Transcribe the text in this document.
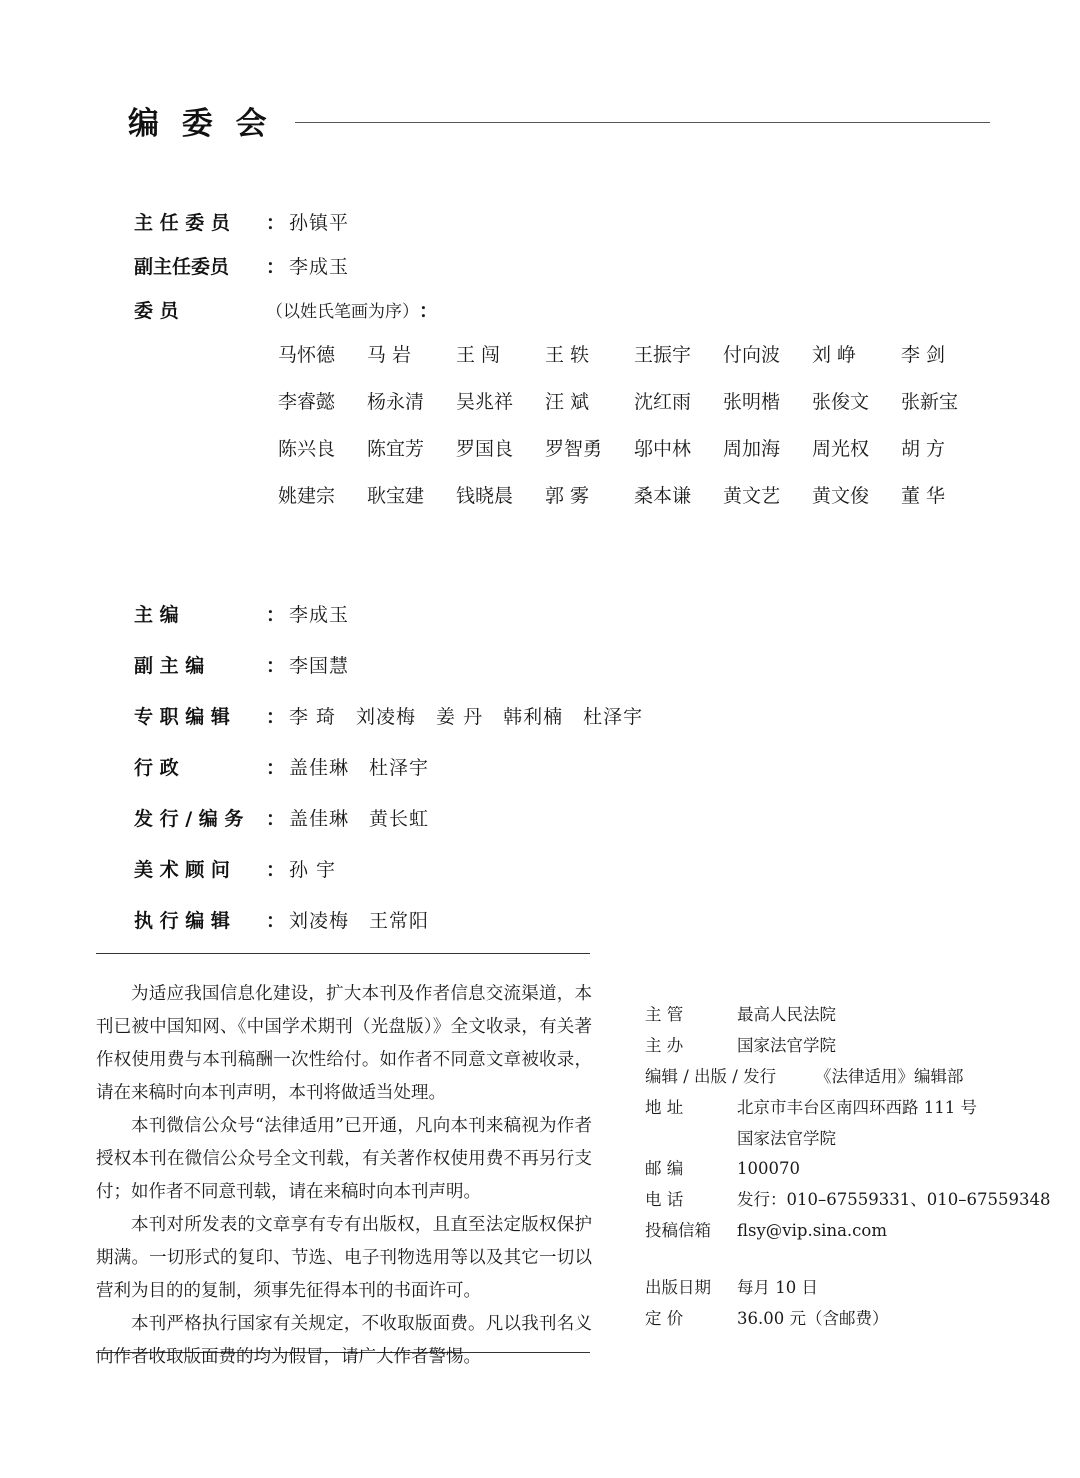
编 委 会
主 任 委 员	： 孙镇平
副主任委员	： 李成玉
委 员	（以姓氏笔画为序） ：
马怀德	马 岩	王 闯	王 轶	王振宇	付向波	刘 峥	李 剑
李睿懿	杨永清	吴兆祥	汪 斌	沈红雨	张明楷	张俊文	张新宝
陈兴良	陈宜芳	罗国良	罗智勇	邬中林	周加海	周光权	胡 方
姚建宗	耿宝建	钱晓晨	郭 雾	桑本谦	黄文艺	黄文俊	董 华
主 编	： 李成玉
副 主 编	： 李国慧
专 职 编 辑	： 李 琦　刘凌梅　姜 丹　韩利楠　杜泽宇
行 政	： 盖佳琳　杜泽宇
发 行 / 编 务	： 盖佳琳　黄长虹
美 术 顾 问	： 孙 宇
执 行 编 辑	： 刘凌梅　王常阳

为适应我国信息化建设，扩大本刊及作者信息交流渠道，本刊已被中国知网、《中国学术期刊（光盘版）》全文收录，有关著作权使用费与本刊稿酬一次性给付。如作者不同意文章被收录，请在来稿时向本刊声明，本刊将做适当处理。

本刊微信公众号“法律适用”已开通，凡向本刊来稿视为作者授权本刊在微信公众号全文刊载，有关著作权使用费不再另行支付；如作者不同意刊载，请在来稿时向本刊声明。

本刊对所发表的文章享有专有出版权，且直至法定版权保护期满。一切形式的复印、节选、电子刊物选用等以及其它一切以营利为目的的复制，须事先征得本刊的书面许可。

本刊严格执行国家有关规定，不收取版面费。凡以我刊名义向作者收取版面费的均为假冒，请广大作者警惕。

主 管	最高人民法院
主 办	国家法官学院
编辑 / 出版 / 发行	《法律适用》编辑部
地 址	北京市丰台区南四环西路 111 号
国家法官学院
邮 编	100070
电 话	发行：010–67559331、010–67559348
投稿信箱	flsy@vip.sina.com
出版日期	每月 10 日
定 价	36.00 元（含邮费）
